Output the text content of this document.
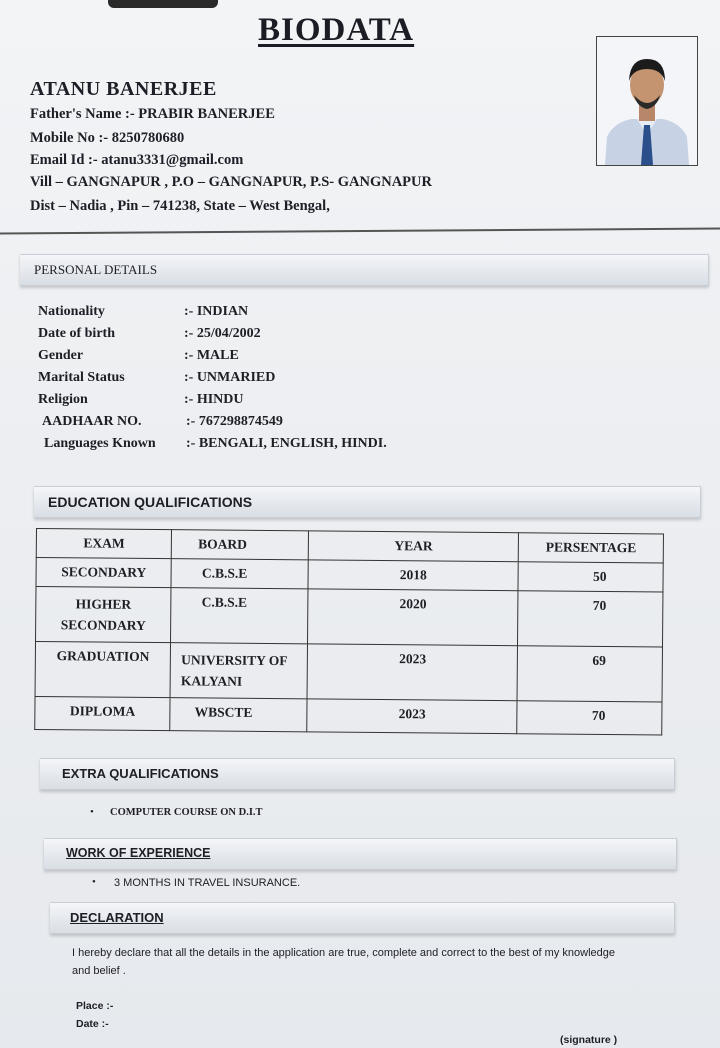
BIODATA
ATANU BANERJEE
Father's Name :- PRABIR BANERJEE
Mobile No :- 8250780680
Email Id :- atanu3331@gmail.com
Vill – GANGNAPUR , P.O – GANGNAPUR, P.S- GANGNAPUR
Dist – Nadia , Pin – 741238, State – West Bengal,
PERSONAL DETAILS
Nationality	:- INDIAN
Date of birth	:- 25/04/2002
Gender	:- MALE
Marital Status	:- UNMARIED
Religion	:- HINDU
AADHAAR NO.	:- 767298874549
Languages Known :- BENGALI, ENGLISH, HINDI.
EDUCATION QUALIFICATIONS
EXAM	BOARD	YEAR	PERSENTAGE
SECONDARY	C.B.S.E	2018	50
HIGHER SECONDARY	C.B.S.E	2020	70
GRADUATION	UNIVERSITY OF KALYANI	2023	69
DIPLOMA	WBSCTE	2023	70
EXTRA QUALIFICATIONS
• COMPUTER COURSE ON D.I.T
WORK OF EXPERIENCE
• 3 MONTHS IN TRAVEL INSURANCE.
DECLARATION
I hereby declare that all the details in the application are true, complete and correct to the best of my knowledge and belief .
Place :-
Date :-
(signature )
